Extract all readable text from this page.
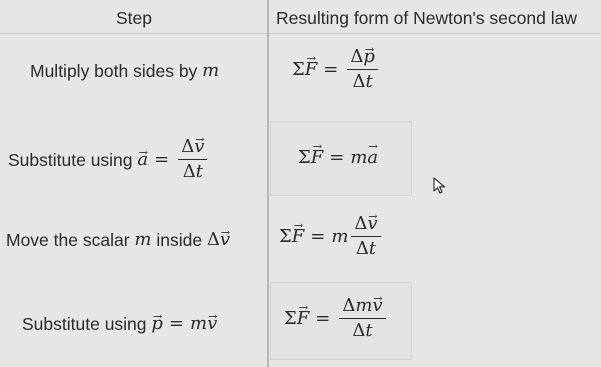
Step	Resulting form of Newton's second law
Multiply both sides by m	Σ
→ $F = \frac{\Delta\to p}{\Delta t}$
Substitute using
→ $a = \frac{\Delta\to v}{\Delta t}$	Σ
→ F = m
→ a
Move the scalar m inside Δ→ v	Σ
→ F = m $\frac{\Delta\to v}{\Delta t}$
Substitute using
→ p = m
→ v	Σ
→ $F = \frac{\Delta m\to v}{\Delta t}$
